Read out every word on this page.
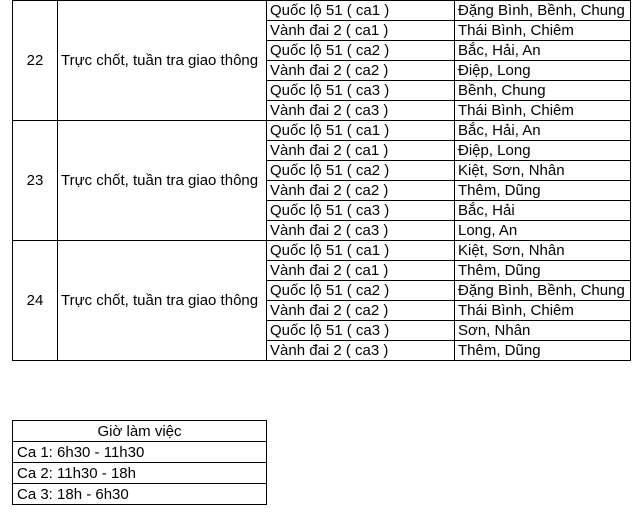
22	Trực chốt, tuần tra giao thông	Quốc lộ 51 ( ca1 )	Đặng Bình, Bềnh, Chung
		Vành đai 2 ( ca1 )	Thái Bình, Chiêm
		Quốc lộ 51 ( ca2 )	Bắc, Hải, An
		Vành đai 2 ( ca2 )	Điệp, Long
		Quốc lộ 51 ( ca3 )	Bềnh, Chung
		Vành đai 2 ( ca3 )	Thái Bình, Chiêm
23	Trực chốt, tuần tra giao thông	Quốc lộ 51 ( ca1 )	Bắc, Hải, An
		Vành đai 2 ( ca1 )	Điệp, Long
		Quốc lộ 51 ( ca2 )	Kiệt, Sơn, Nhân
		Vành đai 2 ( ca2 )	Thêm, Dũng
		Quốc lộ 51 ( ca3 )	Bắc, Hải
		Vành đai 2 ( ca3 )	Long, An
24	Trực chốt, tuần tra giao thông	Quốc lộ 51 ( ca1 )	Kiệt, Sơn, Nhân
		Vành đai 2 ( ca1 )	Thêm, Dũng
		Quốc lộ 51 ( ca2 )	Đặng Bình, Bềnh, Chung
		Vành đai 2 ( ca2 )	Thái Bình, Chiêm
		Quốc lộ 51 ( ca3 )	Sơn, Nhân
		Vành đai 2 ( ca3 )	Thêm, Dũng
Giờ làm việc
Ca 1: 6h30 - 11h30
Ca 2: 11h30 - 18h
Ca 3: 18h - 6h30
